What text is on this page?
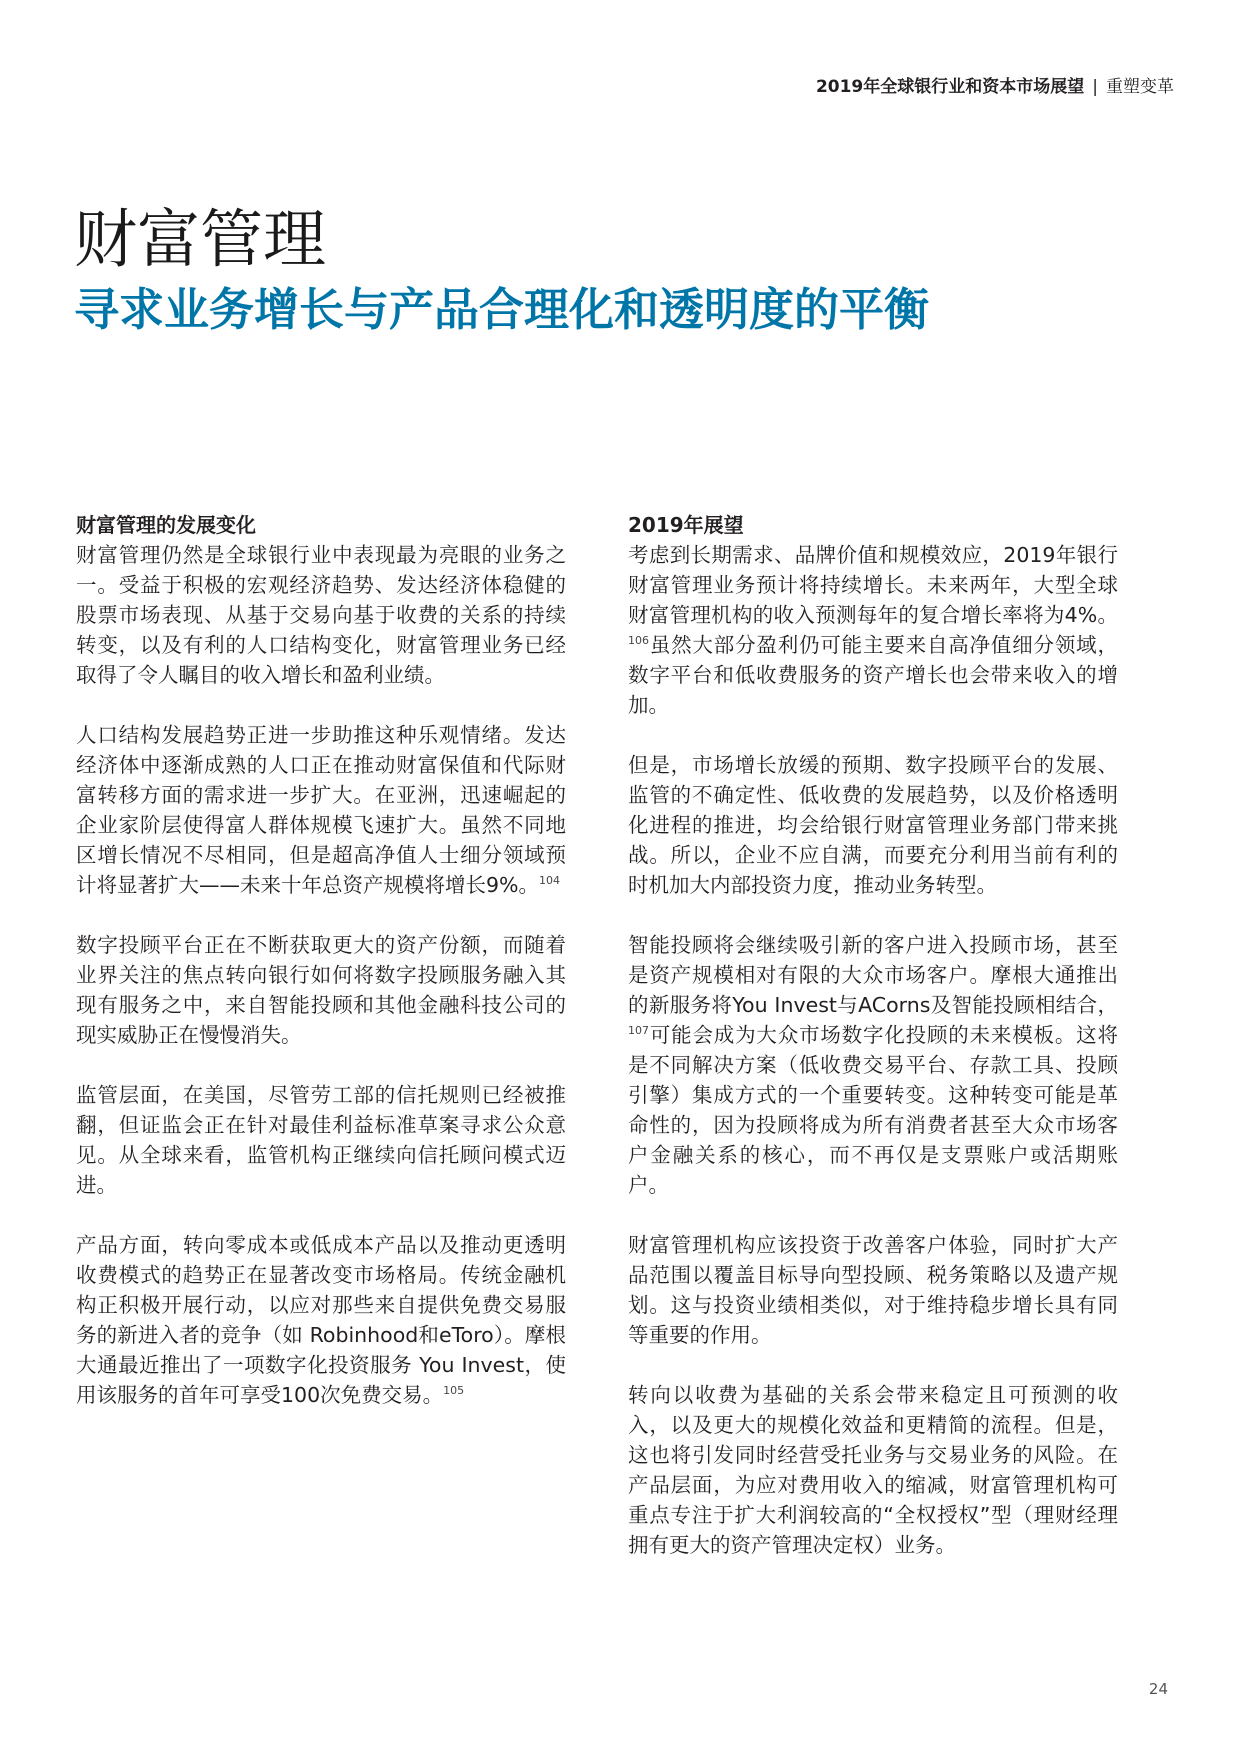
2019年全球银行业和资本市场展望 | 重塑变革
财富管理
寻求业务增长与产品合理化和透明度的平衡
财富管理的发展变化

财富管理仍然是全球银行业中表现最为亮眼的业务之一。受益于积极的宏观经济趋势、发达经济体稳健的股票市场表现、从基于交易向基于收费的关系的持续转变，以及有利的人口结构变化，财富管理业务已经取得了令人瞩目的收入增长和盈利业绩。

人口结构发展趋势正进一步助推这种乐观情绪。发达经济体中逐渐成熟的人口正在推动财富保值和代际财富转移方面的需求进一步扩大。在亚洲，迅速崛起的企业家阶层使得富人群体规模飞速扩大。虽然不同地区增长情况不尽相同，但是超高净值人士细分领域预计将显著扩大——未来十年总资产规模将增长9%。$^{104}$

数字投顾平台正在不断获取更大的资产份额，而随着业界关注的焦点转向银行如何将数字投顾服务融入其现有服务之中，来自智能投顾和其他金融科技公司的现实威胁正在慢慢消失。

监管层面，在美国，尽管劳工部的信托规则已经被推翻，但证监会正在针对最佳利益标准草案寻求公众意见。从全球来看，监管机构正继续向信托顾问模式迈进。

产品方面，转向零成本或低成本产品以及推动更透明收费模式的趋势正在显著改变市场格局。传统金融机构正积极开展行动，以应对那些来自提供免费交易服务的新进入者的竞争（如 Robinhood和eToro）。摩根大通最近推出了一项数字化投资服务 You Invest，使用该服务的首年可享受100次免费交易。$^{105}$

2019年展望

考虑到长期需求、品牌价值和规模效应，2019年银行财富管理业务预计将持续增长。未来两年，大型全球财富管理机构的收入预测每年的复合增长率将为4%。$^{106}$虽然大部分盈利仍可能主要来自高净值细分领域，数字平台和低收费服务的资产增长也会带来收入的增加。

但是，市场增长放缓的预期、数字投顾平台的发展、监管的不确定性、低收费的发展趋势，以及价格透明化进程的推进，均会给银行财富管理业务部门带来挑战。所以，企业不应自满，而要充分利用当前有利的时机加大内部投资力度，推动业务转型。

智能投顾将会继续吸引新的客户进入投顾市场，甚至是资产规模相对有限的大众市场客户。摩根大通推出的新服务将You Invest与ACorns及智能投顾相结合，$^{107}$可能会成为大众市场数字化投顾的未来模板。这将是不同解决方案（低收费交易平台、存款工具、投顾引擎）集成方式的一个重要转变。这种转变可能是革命性的，因为投顾将成为所有消费者甚至大众市场客户金融关系的核心，而不再仅是支票账户或活期账户。

财富管理机构应该投资于改善客户体验，同时扩大产品范围以覆盖目标导向型投顾、税务策略以及遗产规划。这与投资业绩相类似，对于维持稳步增长具有同等重要的作用。

转向以收费为基础的关系会带来稳定且可预测的收入，以及更大的规模化效益和更精简的流程。但是，这也将引发同时经营受托业务与交易业务的风险。在产品层面，为应对费用收入的缩减，财富管理机构可重点专注于扩大利润较高的“全权授权”型（理财经理拥有更大的资产管理决定权）业务。

24
